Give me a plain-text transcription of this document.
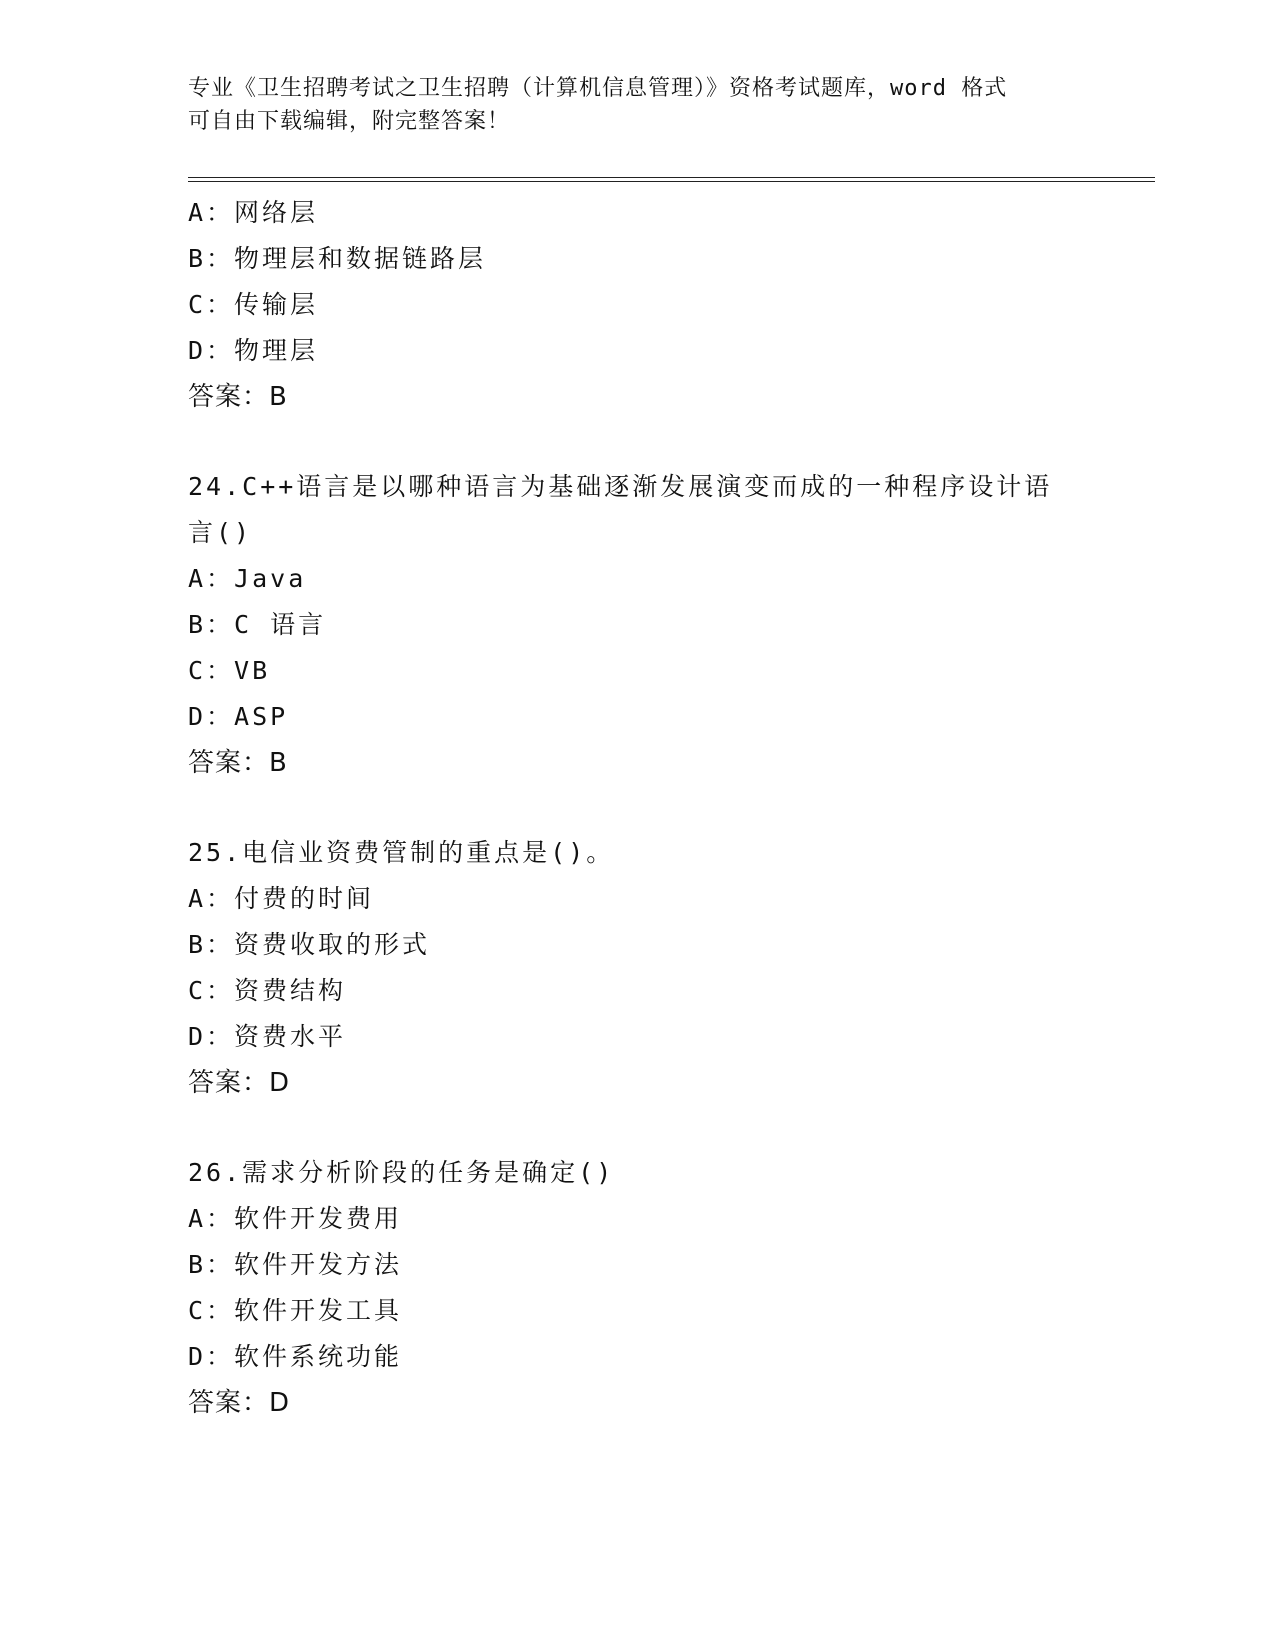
专业《卫生招聘考试之卫生招聘（计算机信息管理）》资格考试题库，word 格式
可自由下载编辑，附完整答案！
A：网络层
B：物理层和数据链路层
C：传输层
D：物理层
答案：B
24.C++语言是以哪种语言为基础逐渐发展演变而成的一种程序设计语
言()
A：Java
B：C 语言
C：VB
D：ASP
答案：B
25.电信业资费管制的重点是()。
A：付费的时间
B：资费收取的形式
C：资费结构
D：资费水平
答案：D
26.需求分析阶段的任务是确定()
A：软件开发费用
B：软件开发方法
C：软件开发工具
D：软件系统功能
答案：D
